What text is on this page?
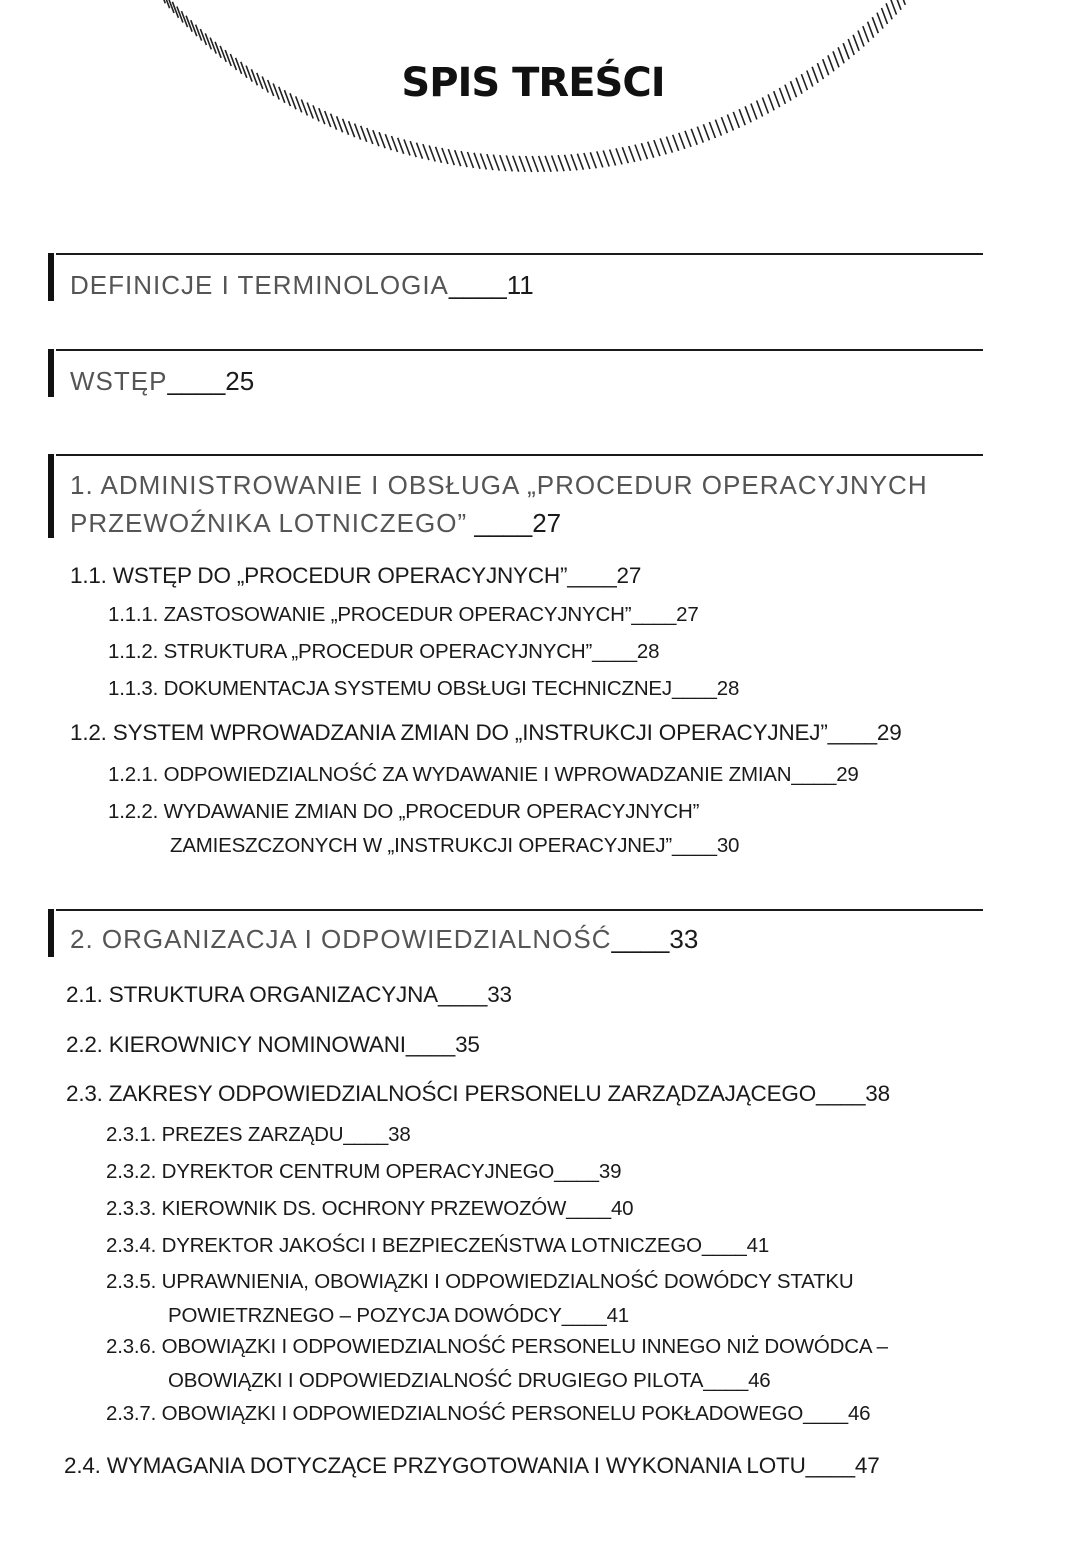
SPIS TREŚCI
DEFINICJE I TERMINOLOGIA____11
WSTĘP____25
1. ADMINISTROWANIE I OBSŁUGA „PROCEDUR OPERACYJNYCH
PRZEWOŹNIKA LOTNICZEGO” ____27
1.1. WSTĘP DO „PROCEDUR OPERACYJNYCH”____27
1.1.1. ZASTOSOWANIE „PROCEDUR OPERACYJNYCH”____27
1.1.2. STRUKTURA „PROCEDUR OPERACYJNYCH”____28
1.1.3. DOKUMENTACJA SYSTEMU OBSŁUGI TECHNICZNEJ____28
1.2. SYSTEM WPROWADZANIA ZMIAN DO „INSTRUKCJI OPERACYJNEJ”____29
1.2.1. ODPOWIEDZIALNOŚĆ ZA WYDAWANIE I WPROWADZANIE ZMIAN____29
1.2.2. WYDAWANIE ZMIAN DO „PROCEDUR OPERACYJNYCH”
ZAMIESZCZONYCH W „INSTRUKCJI OPERACYJNEJ”____30
2. ORGANIZACJA I ODPOWIEDZIALNOŚĆ____33
2.1. STRUKTURA ORGANIZACYJNA____33
2.2. KIEROWNICY NOMINOWANI____35
2.3. ZAKRESY ODPOWIEDZIALNOŚCI PERSONELU ZARZĄDZAJĄCEGO____38
2.3.1. PREZES ZARZĄDU____38
2.3.2. DYREKTOR CENTRUM OPERACYJNEGO____39
2.3.3. KIEROWNIK DS. OCHRONY PRZEWOZÓW____40
2.3.4. DYREKTOR JAKOŚCI I BEZPIECZEŃSTWA LOTNICZEGO____41
2.3.5. UPRAWNIENIA, OBOWIĄZKI I ODPOWIEDZIALNOŚĆ DOWÓDCY STATKU
POWIETRZNEGO – POZYCJA DOWÓDCY____41
2.3.6. OBOWIĄZKI I ODPOWIEDZIALNOŚĆ PERSONELU INNEGO NIŻ DOWÓDCA –
OBOWIĄZKI I ODPOWIEDZIALNOŚĆ DRUGIEGO PILOTA____46
2.3.7. OBOWIĄZKI I ODPOWIEDZIALNOŚĆ PERSONELU POKŁADOWEGO____46
2.4. WYMAGANIA DOTYCZĄCE PRZYGOTOWANIA I WYKONANIA LOTU____47
